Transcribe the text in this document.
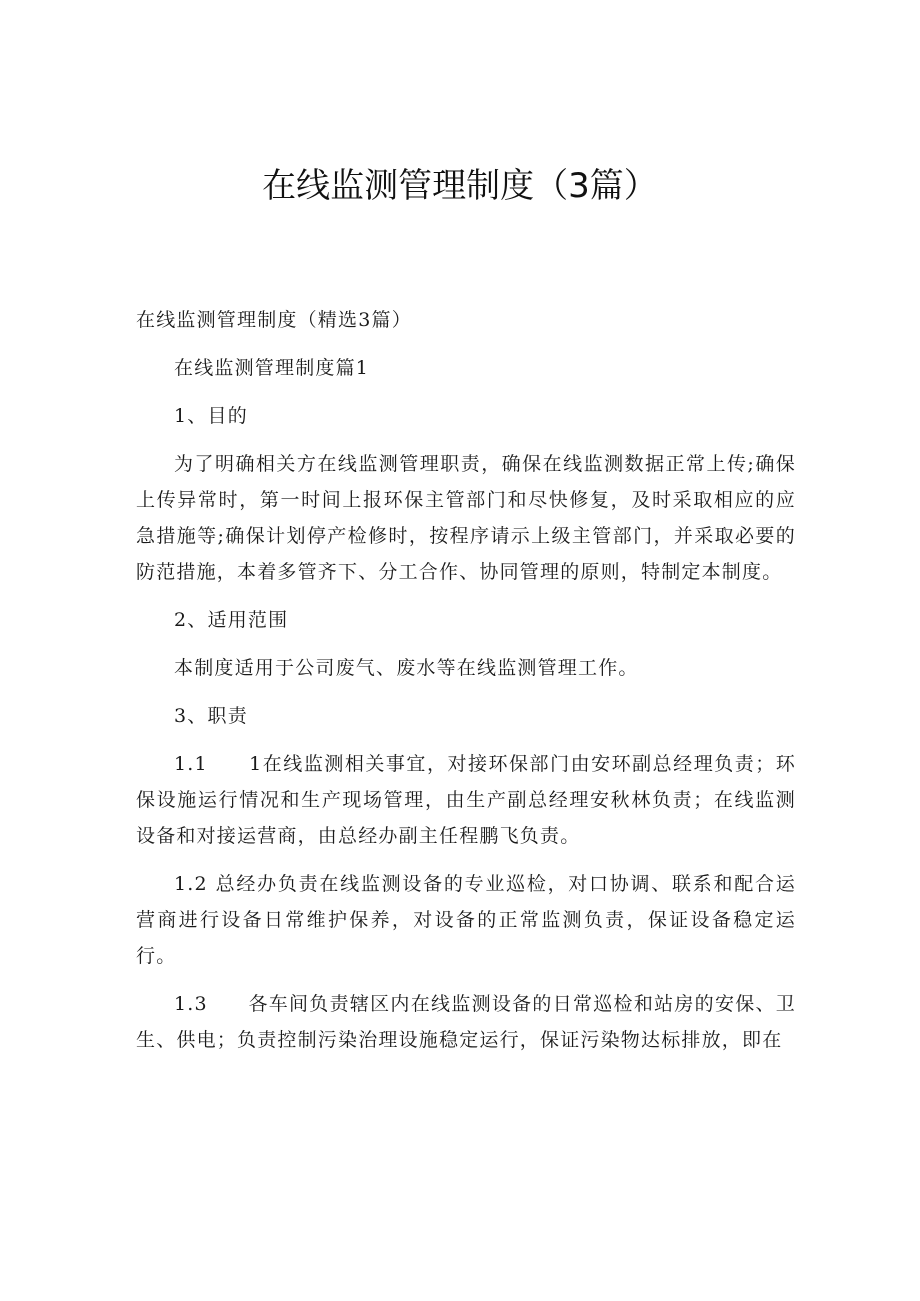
在线监测管理制度（3篇）

在线监测管理制度（精选3篇）

在线监测管理制度篇1

1、目的

为了明确相关方在线监测管理职责，确保在线监测数据正常上传;确保上传异常时，第一时间上报环保主管部门和尽快修复，及时采取相应的应急措施等;确保计划停产检修时，按程序请示上级主管部门，并采取必要的防范措施，本着多管齐下、分工合作、协同管理的原则，特制定本制度。

2、适用范围

本制度适用于公司废气、废水等在线监测管理工作。

3、职责

1.1　　1在线监测相关事宜，对接环保部门由安环副总经理负责；环保设施运行情况和生产现场管理，由生产副总经理安秋林负责；在线监测设备和对接运营商，由总经办副主任程鹏飞负责。

1.2 总经办负责在线监测设备的专业巡检，对口协调、联系和配合运营商进行设备日常维护保养，对设备的正常监测负责，保证设备稳定运行。

1.3　　各车间负责辖区内在线监测设备的日常巡检和站房的安保、卫生、供电；负责控制污染治理设施稳定运行，保证污染物达标排放，即在
